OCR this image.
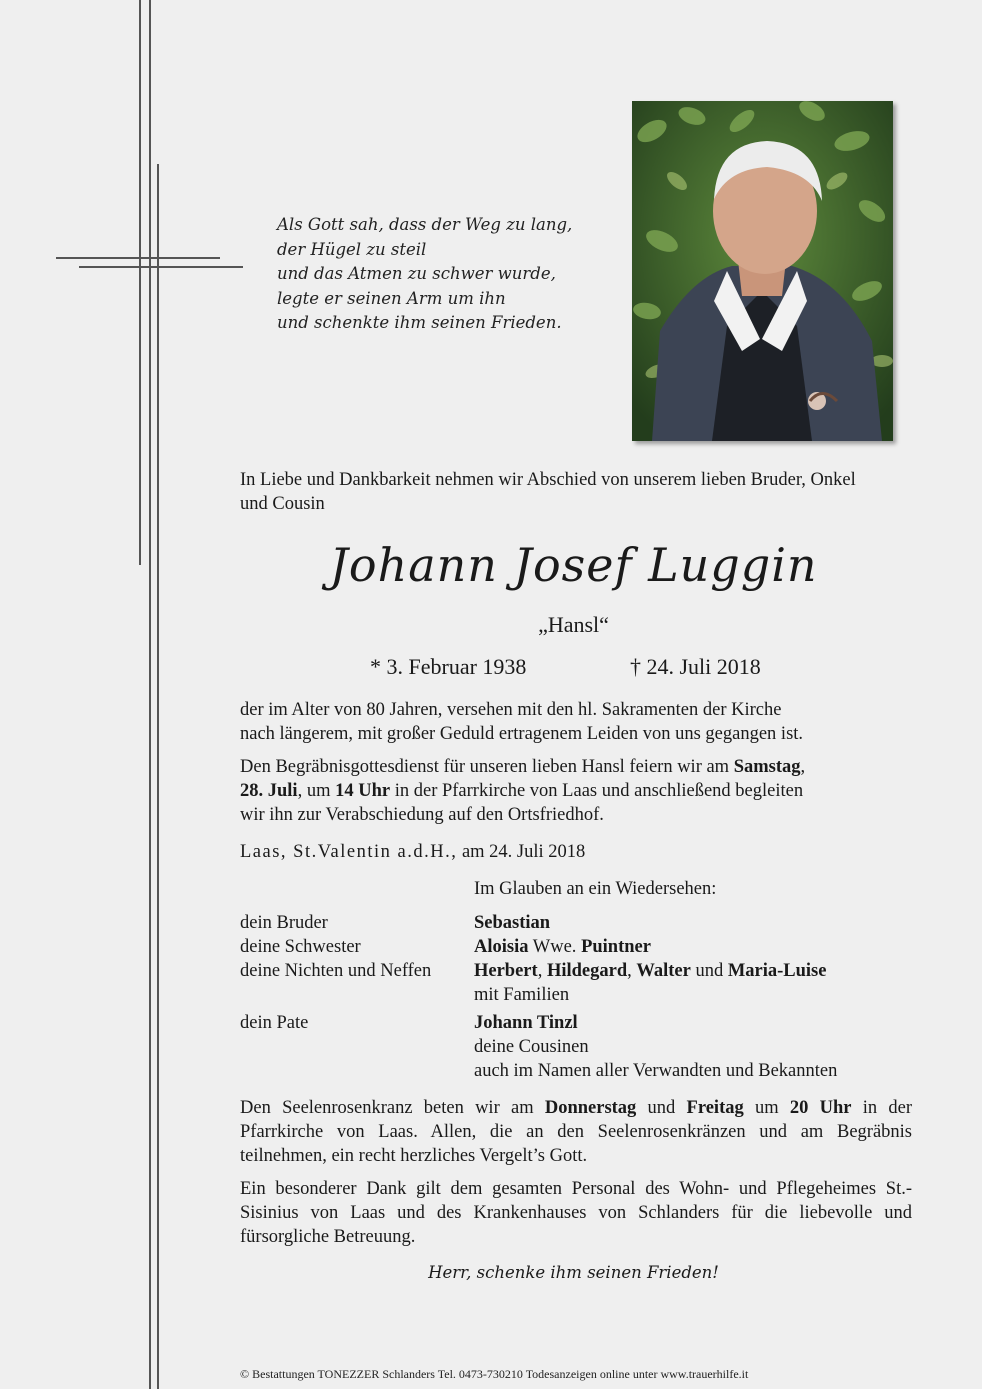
Als Gott sah, dass der Weg zu lang,
der Hügel zu steil
und das Atmen zu schwer wurde,
legte er seinen Arm um ihn
und schenkte ihm seinen Frieden.
In Liebe und Dankbarkeit nehmen wir Abschied von unserem lieben Bruder, Onkel
und Cousin
Johann Josef Luggin
„Hansl“
* 3. Februar 1938	† 24. Juli 2018
der im Alter von 80 Jahren, versehen mit den hl. Sakramenten der Kirche
nach längerem, mit großer Geduld ertragenem Leiden von uns gegangen ist.
Den Begräbnisgottesdienst für unseren lieben Hansl feiern wir am Samstag,
28. Juli, um 14 Uhr in der Pfarrkirche von Laas und anschließend begleiten
wir ihn zur Verabschiedung auf den Ortsfriedhof.
Laas, St.Valentin a.d.H., am 24. Juli 2018
Im Glauben an ein Wiedersehen:
dein Bruder	Sebastian
deine Schwester	Aloisia Wwe. Puintner
deine Nichten und Neffen Herbert, Hildegard, Walter und Maria-Luise
mit Familien
dein Pate	Johann Tinzl
deine Cousinen
auch im Namen aller Verwandten und Bekannten
Den Seelenrosenkranz beten wir am Donnerstag und Freitag um 20 Uhr in der Pfarrkirche von Laas. Allen, die an den Seelenrosenkränzen und am Begräbnis teilnehmen, ein recht herzliches Vergelt’s Gott.
Ein besonderer Dank gilt dem gesamten Personal des Wohn- und Pflegeheimes St.-Sisinius von Laas und des Krankenhauses von Schlanders für die liebevolle und fürsorgliche Betreuung.
Herr, schenke ihm seinen Frieden!
© Bestattungen TONEZZER Schlanders Tel. 0473-730210 Todesanzeigen online unter www.trauerhilfe.it
